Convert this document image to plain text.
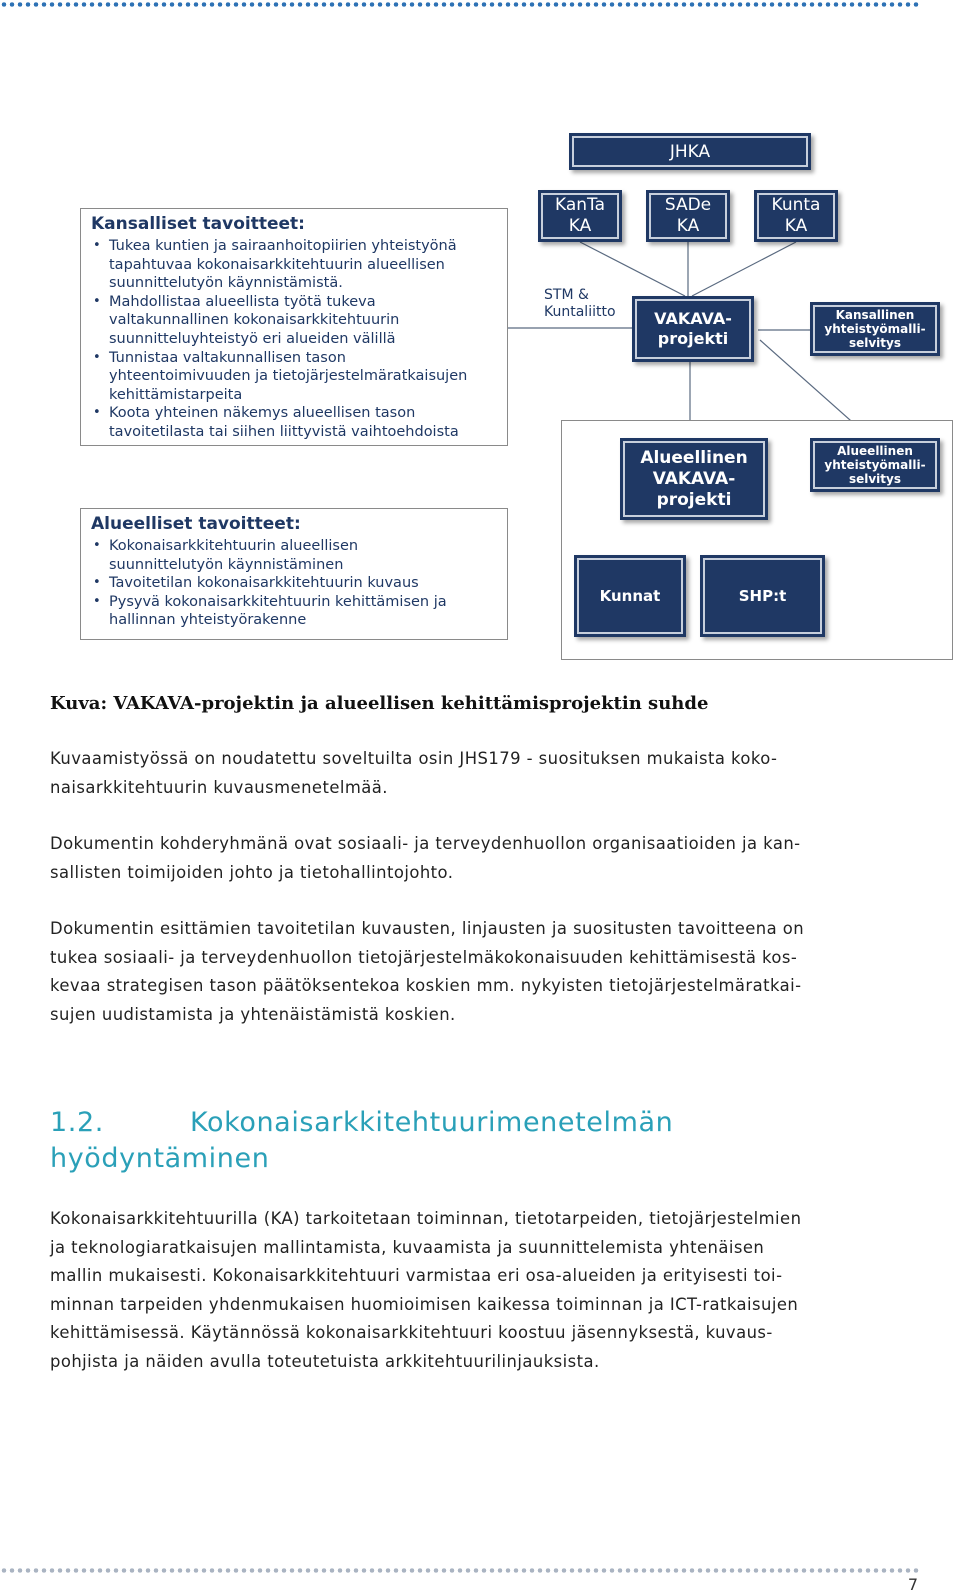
JHKA
KanTa
KA
SADe
KA
Kunta
KA
STM &
Kuntaliitto VAKAVA-
projekti
Kansallinen
yhteistyömalli-
selvitys
Kansalliset tavoitteet:
• Tukea kuntien ja sairaanhoitopiirien yhteistyönä
tapahtuvaa kokonaisarkkitehtuurin alueellisen
suunnittelutyön käynnistämistä.
• Mahdollistaa alueellista työtä tukeva
valtakunnallinen kokonaisarkkitehtuurin
suunnitteluyhteistyö eri alueiden välillä
• Tunnistaa valtakunnallisen tason
yhteentoimivuuden ja tietojärjestelmäratkaisujen
kehittämistarpeita
• Koota yhteinen näkemys alueellisen tason
tavoitetilasta tai siihen liittyvistä vaihtoehdoista
Alueellinen
VAKAVA-
projekti
Alueellinen
yhteistyömalli-
selvitys
Kunnat	SHP:t
Alueelliset tavoitteet:
• Kokonaisarkkitehtuurin alueellisen
suunnittelutyön käynnistäminen
• Tavoitetilan kokonaisarkkitehtuurin kuvaus
• Pysyvä kokonaisarkkitehtuurin kehittämisen ja
hallinnan yhteistyörakenne
Kuva: VAKAVA-projektin ja alueellisen kehittämisprojektin suhde
Kuvaamistyössä on noudatettu soveltuilta osin JHS179 - suosituksen mukaista koko-
naisarkkitehtuurin kuvausmenetelmää.
Dokumentin kohderyhmänä ovat sosiaali- ja terveydenhuollon organisaatioiden ja kan-
sallisten toimijoiden johto ja tietohallintojohto.
Dokumentin esittämien tavoitetilan kuvausten, linjausten ja suositusten tavoitteena on
tukea sosiaali- ja terveydenhuollon tietojärjestelmäkokonaisuuden kehittämisestä kos-
kevaa strategisen tason päätöksentekoa koskien mm. nykyisten tietojärjestelmäratkai-
sujen uudistamista ja yhtenäistämistä koskien.
1.2.	Kokonaisarkkitehtuurimenetelmän
hyödyntäminen
Kokonaisarkkitehtuurilla (KA) tarkoitetaan toiminnan, tietotarpeiden, tietojärjestelmien
ja teknologiaratkaisujen mallintamista, kuvaamista ja suunnittelemista yhtenäisen
mallin mukaisesti. Kokonaisarkkitehtuuri varmistaa eri osa-alueiden ja erityisesti toi-
minnan tarpeiden yhdenmukaisen huomioimisen kaikessa toiminnan ja ICT-ratkaisujen
kehittämisessä. Käytännössä kokonaisarkkitehtuuri koostuu jäsennyksestä, kuvaus-
pohjista ja näiden avulla toteutetuista arkkitehtuurilinjauksista.
7
